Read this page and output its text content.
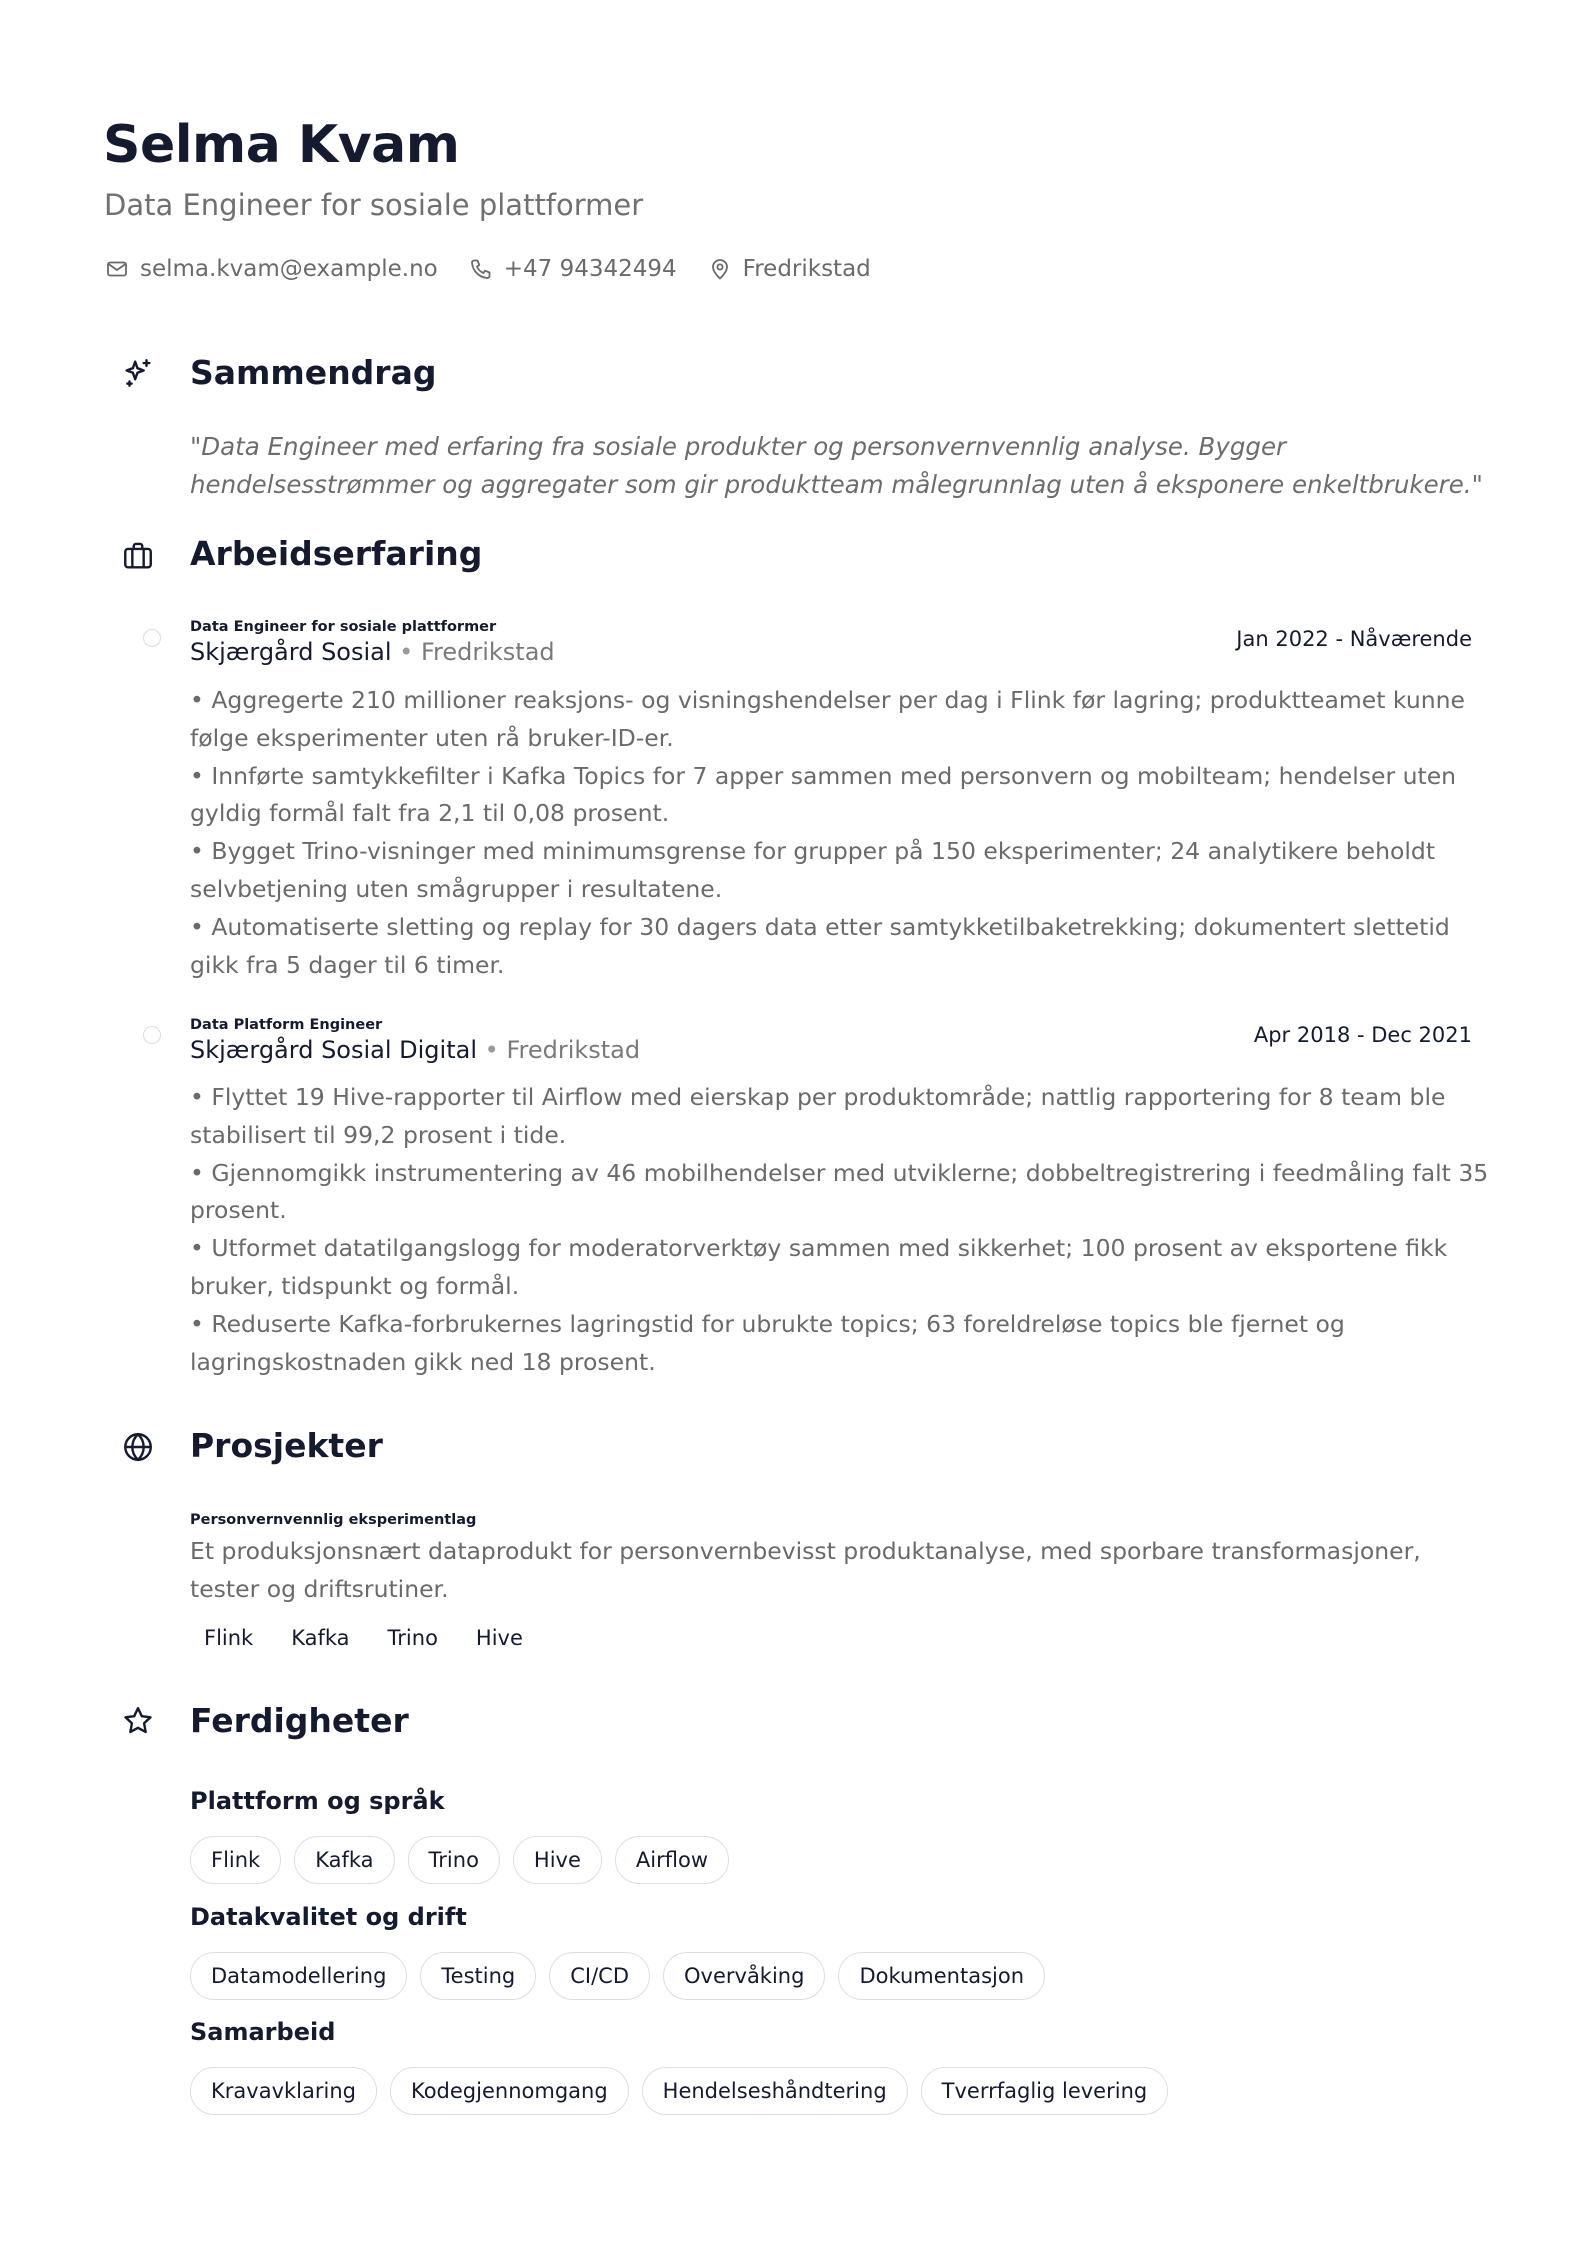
Selma Kvam

Data Engineer for sosiale plattformer

selma.kvam@example.no	+47 94342494	Fredrikstad
Sammendrag

"Data Engineer med erfaring fra sosiale produkter og personvernvennlig analyse. Bygger hendelsesstrømmer og aggregater som gir produktteam målegrunnlag uten å eksponere enkeltbrukere."

Arbeidserfaring
Data Engineer for sosiale plattformer
Skjærgård Sosial • Fredrikstad	Jan 2022 - Nåværende
• Aggregerte 210 millioner reaksjons- og visningshendelser per dag i Flink før lagring; produktteamet kunne følge eksperimenter uten rå bruker-ID-er.
• Innførte samtykkefilter i Kafka Topics for 7 apper sammen med personvern og mobilteam; hendelser uten gyldig formål falt fra 2,1 til 0,08 prosent.
• Bygget Trino-visninger med minimumsgrense for grupper på 150 eksperimenter; 24 analytikere beholdt selvbetjening uten smågrupper i resultatene.
• Automatiserte sletting og replay for 30 dagers data etter samtykketilbaketrekking; dokumentert slettetid gikk fra 5 dager til 6 timer.
Data Platform Engineer
Skjærgård Sosial Digital • Fredrikstad
Apr 2018 - Dec 2021
• Flyttet 19 Hive-rapporter til Airflow med eierskap per produktområde; nattlig rapportering for 8 team ble stabilisert til 99,2 prosent i tide.
• Gjennomgikk instrumentering av 46 mobilhendelser med utviklerne; dobbeltregistrering i feedmåling falt 35 prosent.
• Utformet datatilgangslogg for moderatorverktøy sammen med sikkerhet; 100 prosent av eksportene fikk bruker, tidspunkt og formål.
• Reduserte Kafka-forbrukernes lagringstid for ubrukte topics; 63 foreldreløse topics ble fjernet og lagringskostnaden gikk ned 18 prosent.
Prosjekter
Personvernvennlig eksperimentlag

Et produksjonsnært dataprodukt for personvernbevisst produktanalyse, med sporbare transformasjoner, tester og driftsrutiner.

Flink	Kafka	Trino	Hive
Ferdigheter
Plattform og språk
Flink	Kafka	Trino	Hive	Airflow
Datakvalitet og drift
Datamodellering	Testing	CI/CD	Overvåking	Dokumentasjon
Samarbeid
Kravavklaring	Kodegjennomgang	Hendelseshåndtering	Tverrfaglig levering
